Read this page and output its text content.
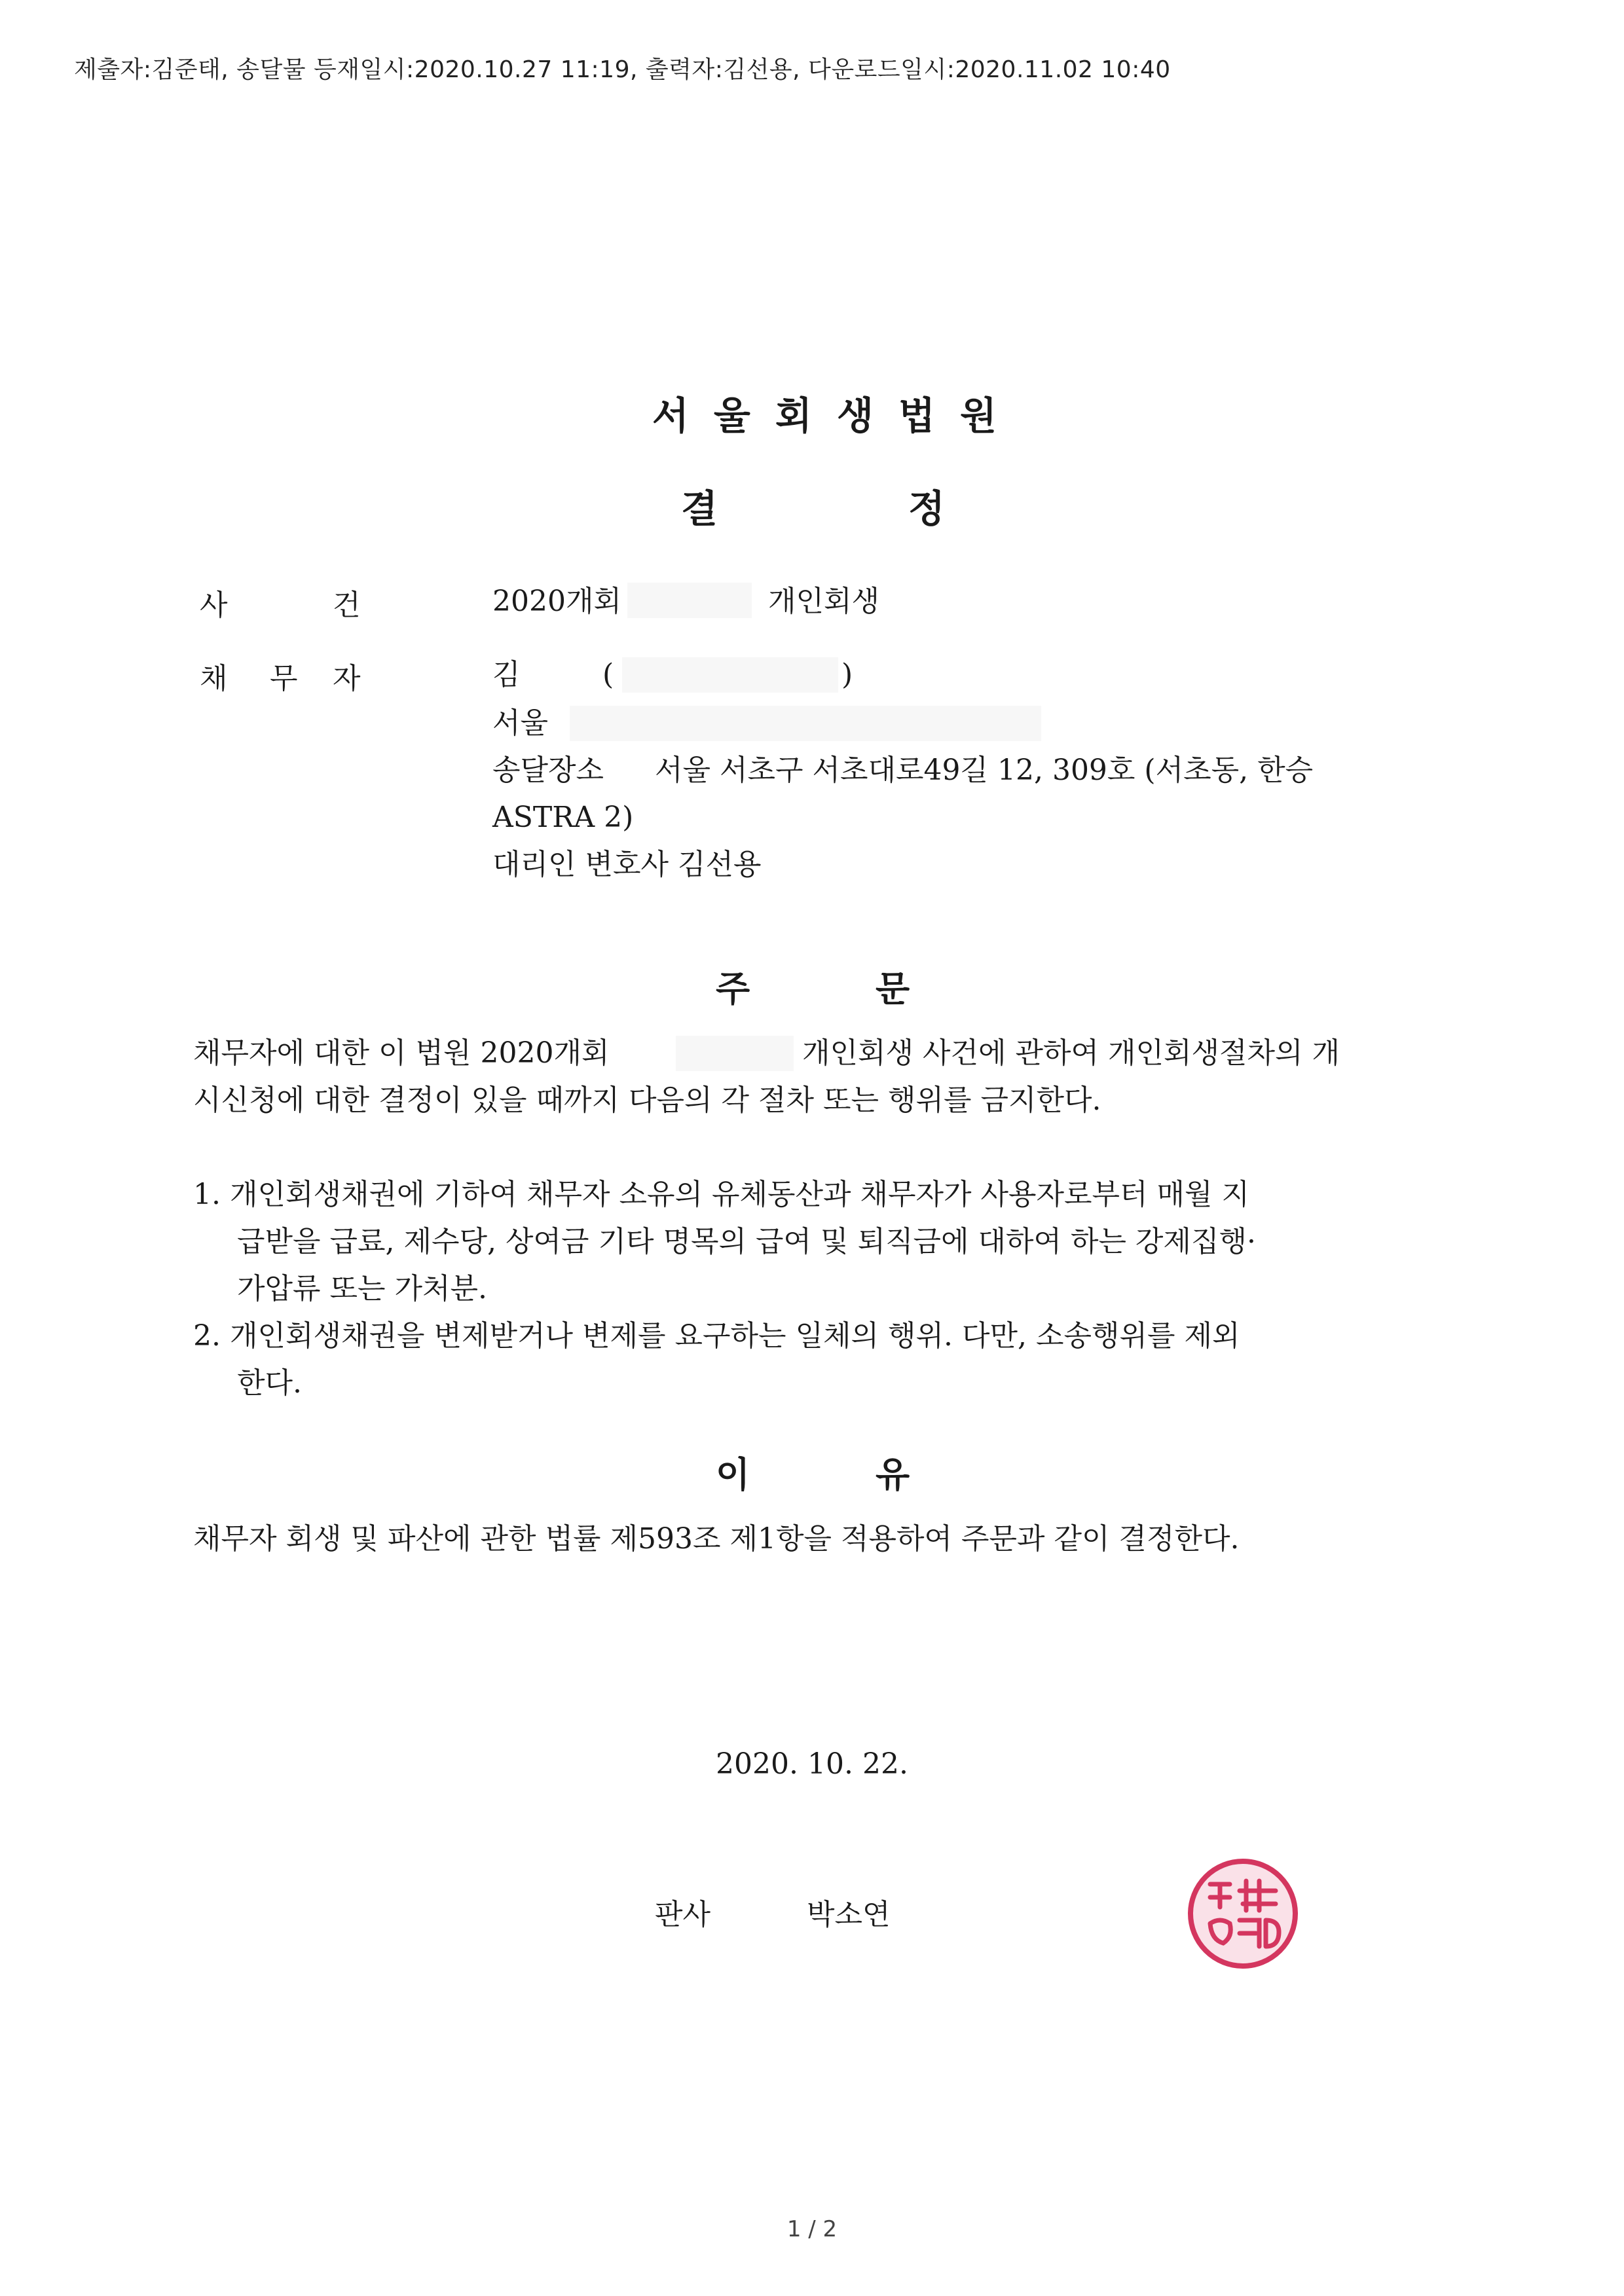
제출자:김준태, 송달물 등재일시:2020.10.27 11:19, 출력자:김선용, 다운로드일시:2020.11.02 10:40
서울회생법원
결	정
사	건	2020개회	개인회생
채 무 자	김	(	)
서울
송달장소 서울 서초구 서초대로49길 12, 309호 (서초동, 한승
ASTRA 2)
대리인 변호사 김선용
주	문
채무자에 대한 이 법원 2020개회	개인회생 사건에 관하여 개인회생절차의 개
시신청에 대한 결정이 있을 때까지 다음의 각 절차 또는 행위를 금지한다.
1. 개인회생채권에 기하여 채무자 소유의 유체동산과 채무자가 사용자로부터 매월 지
급받을 급료, 제수당, 상여금 기타 명목의 급여 및 퇴직금에 대하여 하는 강제집행·
가압류 또는 가처분.
2. 개인회생채권을 변제받거나 변제를 요구하는 일체의 행위. 다만, 소송행위를 제외
한다.
이	유
채무자 회생 및 파산에 관한 법률 제593조 제1항을 적용하여 주문과 같이 결정한다.
2020. 10. 22.
판사	박소연
1 / 2
